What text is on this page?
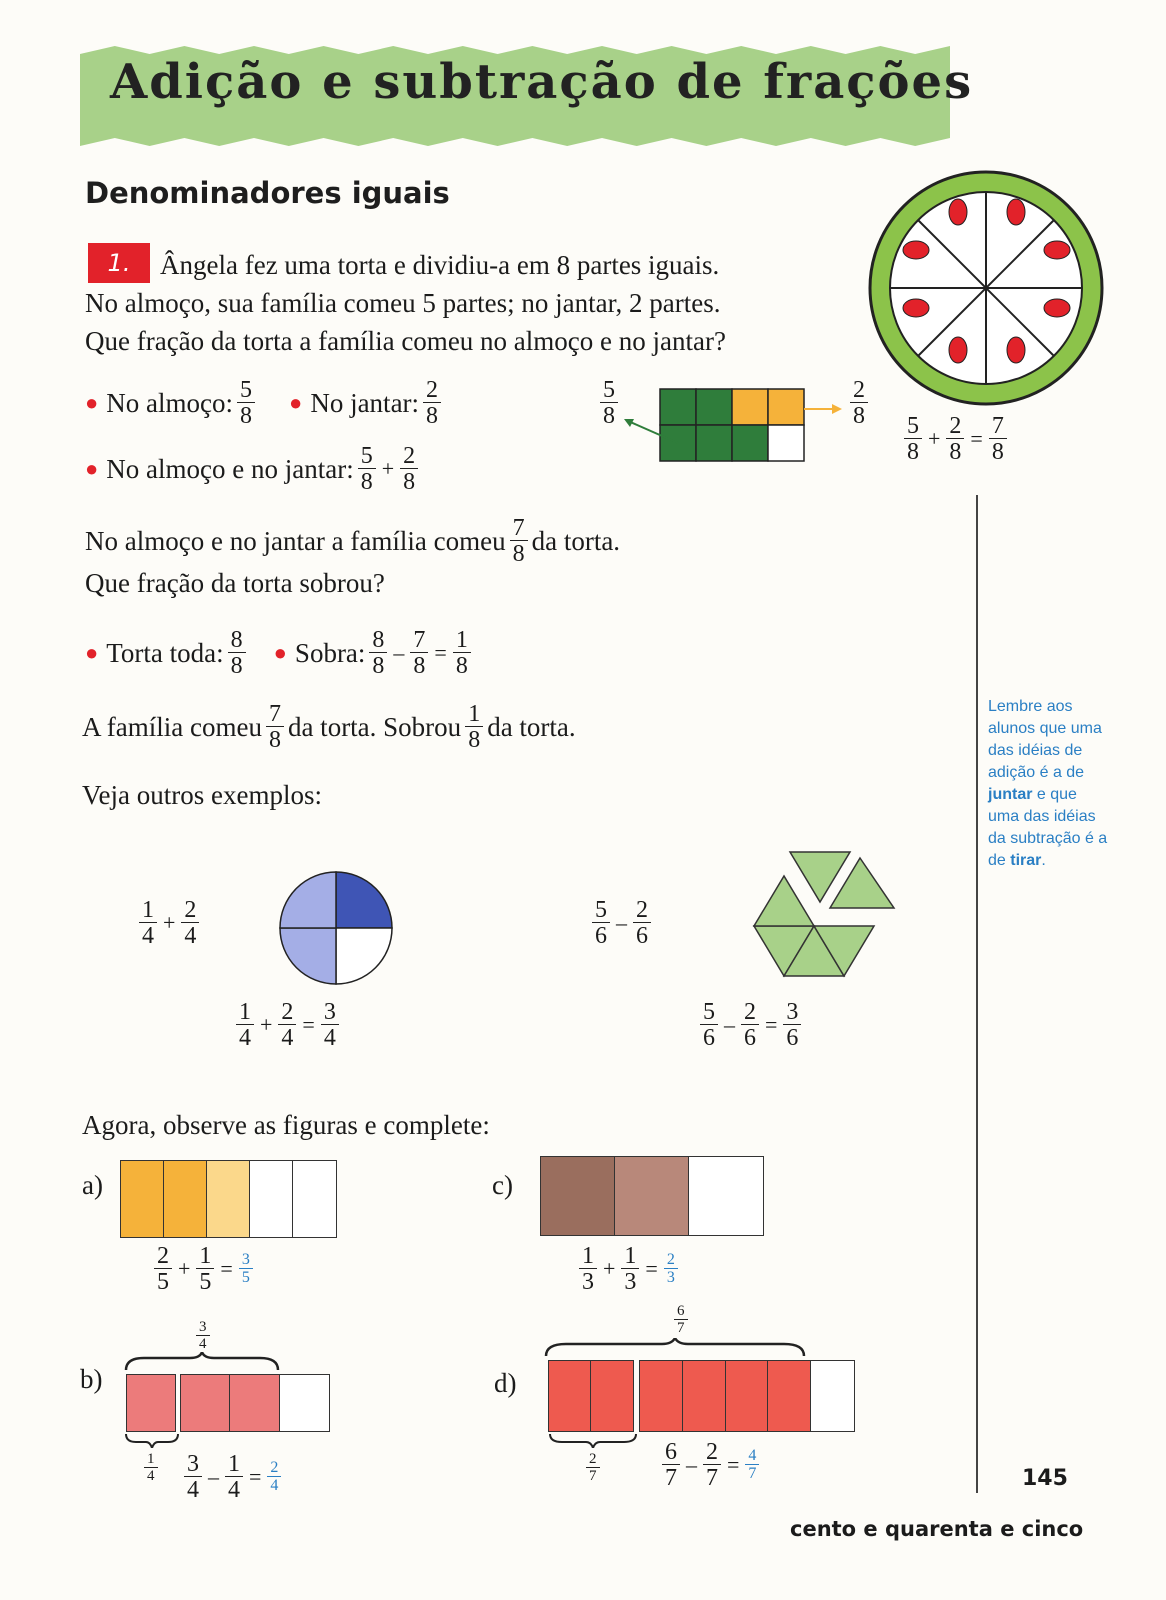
Adição e subtração de frações
Denominadores iguais
1.	Ângela fez uma torta e dividiu-a em 8 partes iguais.
No almoço, sua família comeu 5 partes; no jantar, 2 partes.
Que fração da torta a família comeu no almoço e no jantar?
● No almoço: $\frac{5}{8}$ ● No jantar: $\frac{2}{8}$	$\frac{5}{8}$	$\frac{2}{8}$
$\frac{5}{8} + \frac{2}{8} = \frac{7}{8}$
● No almoço e no jantar: $\frac{5}{8} + \frac{2}{8}$
No almoço e no jantar a família comeu $\frac{7}{8}$ da torta.
Que fração da torta sobrou?
● Torta toda: $\frac{8}{8}$ ● Sobra: $\frac{8}{8} - \frac{7}{8} = \frac{1}{8}$
A família comeu $\frac{7}{8}$ da torta. Sobrou $\frac{1}{8}$ da torta.
Veja outros exemplos:
$\frac{1}{4} + \frac{2}{4}$
$\frac{1}{4} + \frac{2}{4} = \frac{3}{4}$
$\frac{5}{6} - \frac{2}{6}$
$\frac{5}{6} - \frac{2}{6} = \frac{3}{6}$
Agora, observe as figuras e complete:
a)
$\frac{2}{5} + \frac{1}{5} = \frac{3}{5}$
c)
$\frac{1}{3} + \frac{1}{3} = \frac{2}{3}$
b)
$\frac{3}{4}$
$\frac{1}{4} \frac{3}{4} - \frac{1}{4} = \frac{2}{4}$
d)
$\frac{6}{7}$
$\frac{2}{7}$	$\frac{6}{7} - \frac{2}{7} = \frac{4}{7}$
Lembre aos alunos que uma das idéias de adição é a de juntar e que uma das idéias da subtração é a de tirar.
145
cento e quarenta e cinco
